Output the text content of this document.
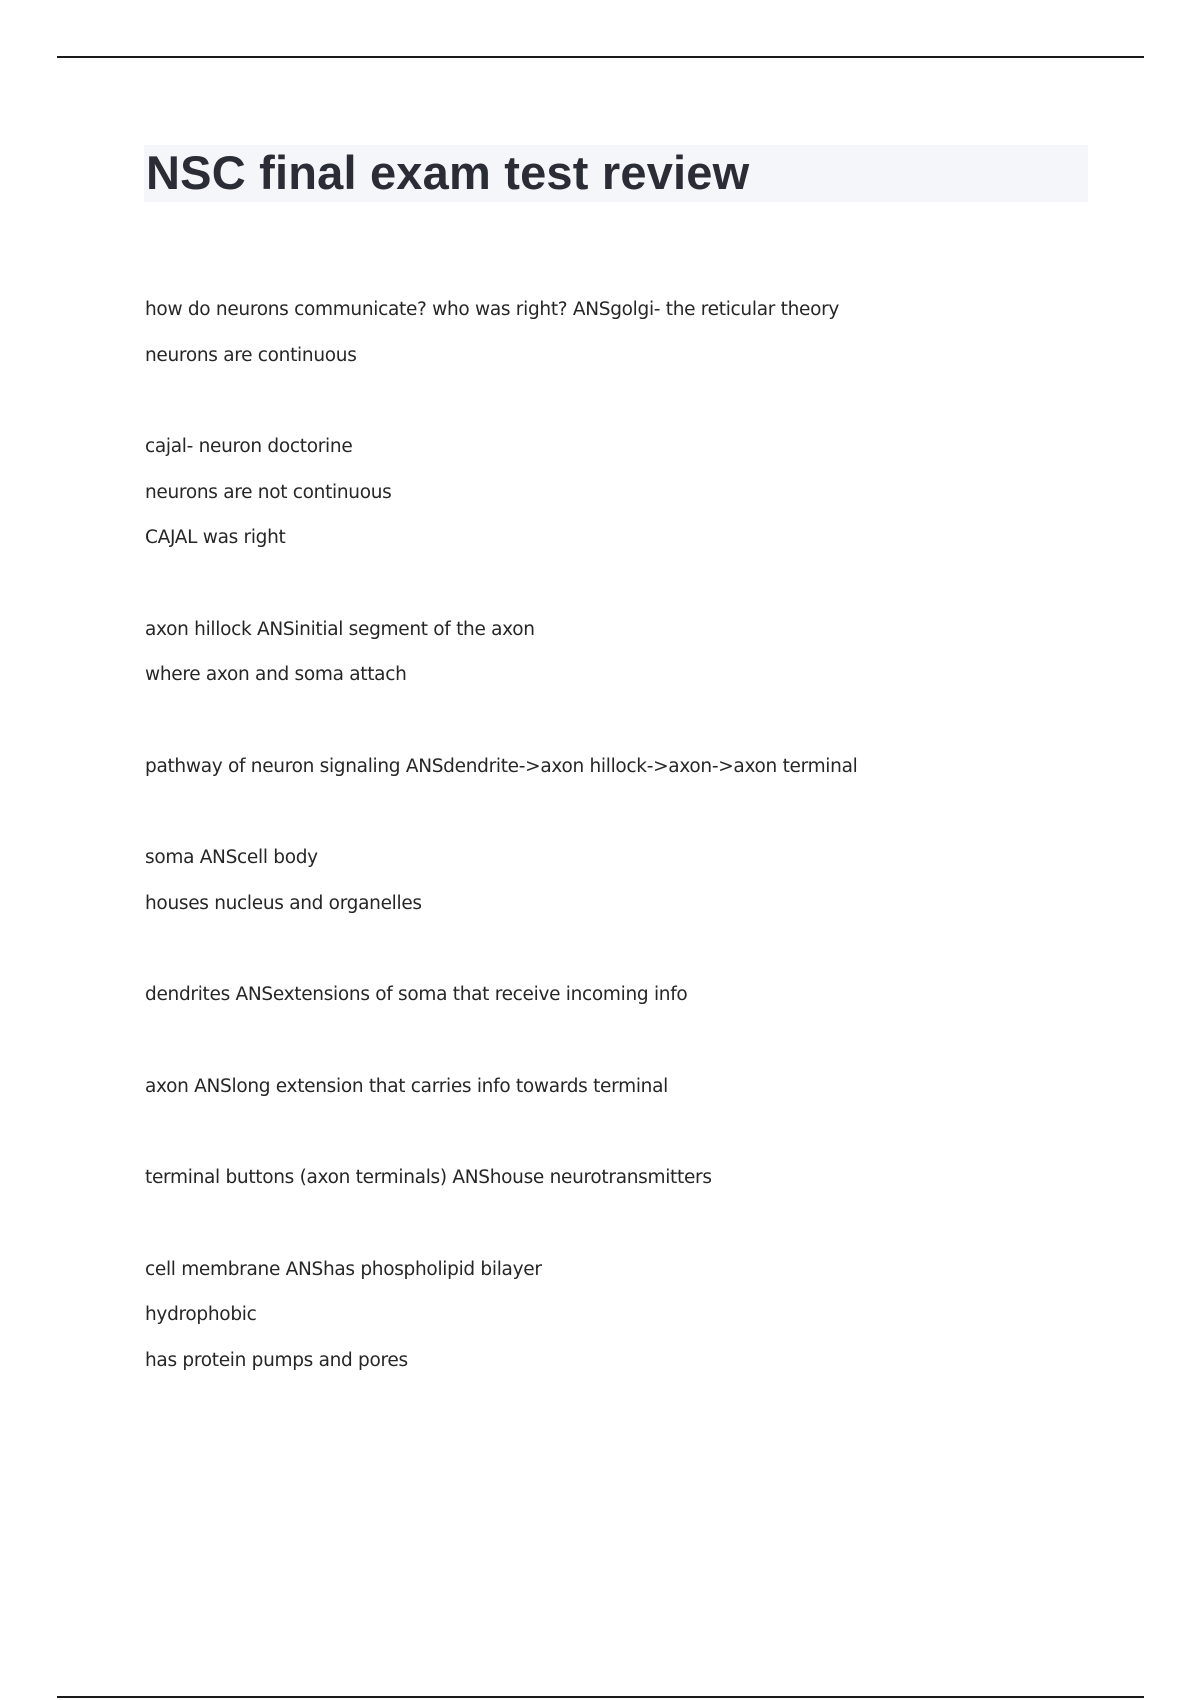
NSC final exam test review
how do neurons communicate? who was right? ANSgolgi- the reticular theory
neurons are continuous
cajal- neuron doctorine
neurons are not continuous
CAJAL was right
axon hillock ANSinitial segment of the axon
where axon and soma attach
pathway of neuron signaling ANSdendrite->axon hillock->axon->axon terminal
soma ANScell body
houses nucleus and organelles
dendrites ANSextensions of soma that receive incoming info
axon ANSlong extension that carries info towards terminal
terminal buttons (axon terminals) ANShouse neurotransmitters
cell membrane ANShas phospholipid bilayer
hydrophobic
has protein pumps and pores
